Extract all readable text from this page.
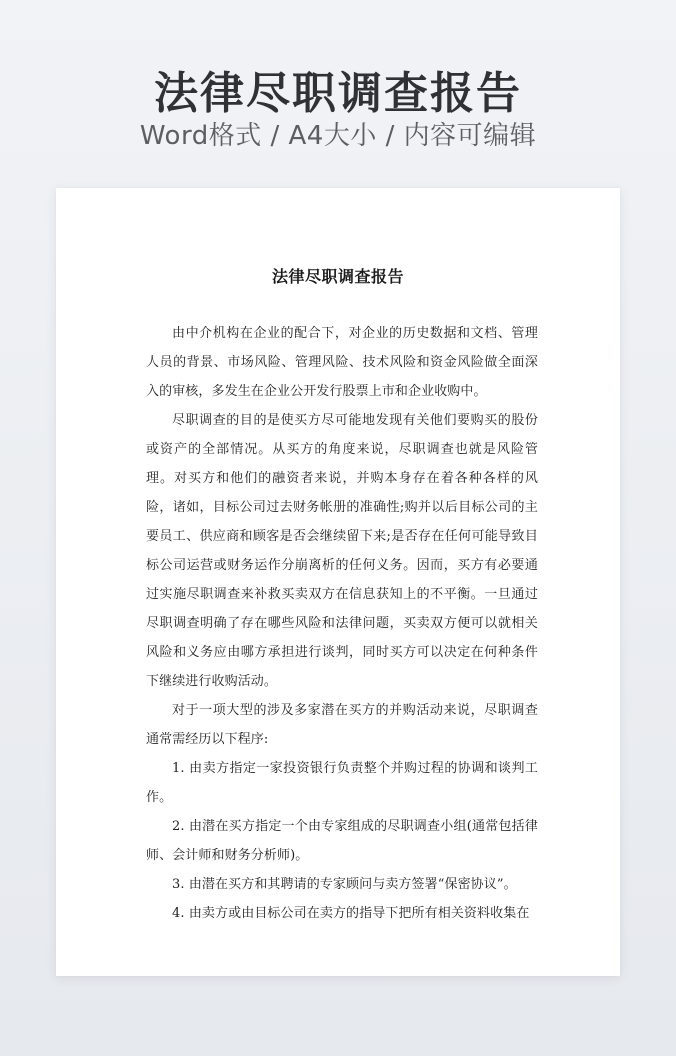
法律尽职调查报告
Word格式 / A4大小 / 内容可编辑
法律尽职调查报告

由中介机构在企业的配合下，对企业的历史数据和文档、管理人员的背景、市场风险、管理风险、技术风险和资金风险做全面深入的审核，多发生在企业公开发行股票上市和企业收购中。

尽职调查的目的是使买方尽可能地发现有关他们要购买的股份或资产的全部情况。从买方的角度来说，尽职调查也就是风险管理。对买方和他们的融资者来说，并购本身存在着各种各样的风险，诸如，目标公司过去财务帐册的准确性;购并以后目标公司的主要员工、供应商和顾客是否会继续留下来;是否存在任何可能导致目标公司运营或财务运作分崩离析的任何义务。因而，买方有必要通过实施尽职调查来补救买卖双方在信息获知上的不平衡。一旦通过尽职调查明确了存在哪些风险和法律问题，买卖双方便可以就相关风险和义务应由哪方承担进行谈判，同时买方可以决定在何种条件下继续进行收购活动。

对于一项大型的涉及多家潜在买方的并购活动来说，尽职调查通常需经历以下程序:

1. 由卖方指定一家投资银行负责整个并购过程的协调和谈判工作。

2. 由潜在买方指定一个由专家组成的尽职调查小组(通常包括律师、会计师和财务分析师)。

3. 由潜在买方和其聘请的专家顾问与卖方签署“保密协议”。

4. 由卖方或由目标公司在卖方的指导下把所有相关资料收集在
